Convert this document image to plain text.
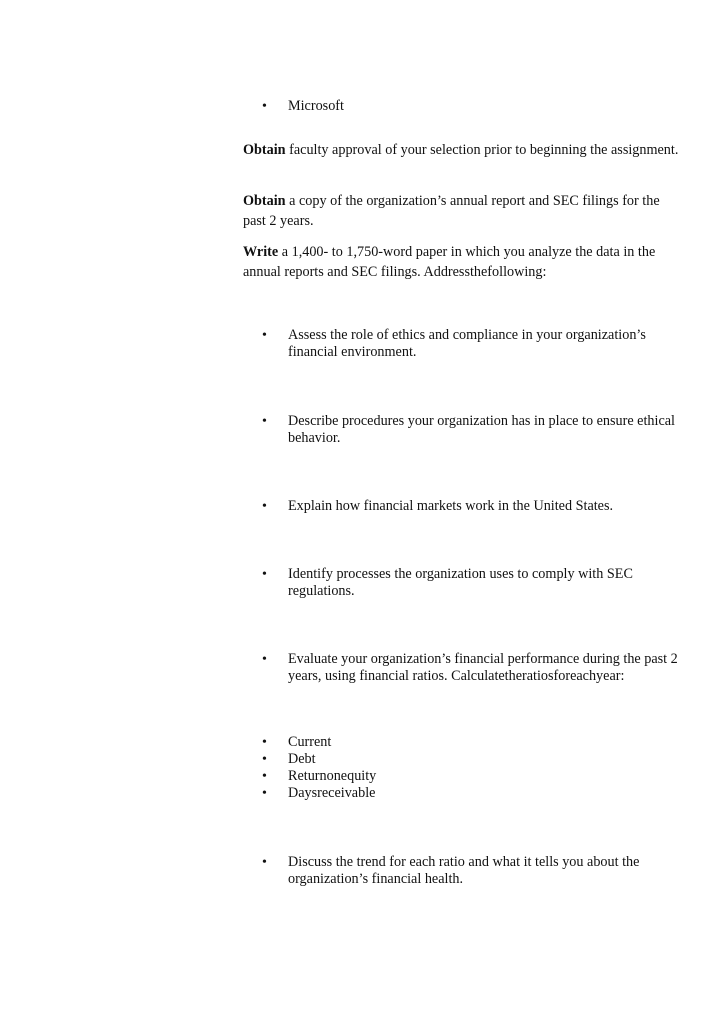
•	Microsoft

Obtain faculty approval of your selection prior to beginning the assignment.

Obtain a copy of the organization’s annual report and SEC filings for the past 2 years.

Write a 1,400- to 1,750-word paper in which you analyze the data in the annual reports and SEC filings. Addressthefollowing:

•	Assess the role of ethics and compliance in your organization’s financial environment.
•	Describe procedures your organization has in place to ensure ethical behavior.
•	Explain how financial markets work in the United States.
•	Identify processes the organization uses to comply with SEC regulations.
•	Evaluate your organization’s financial performance during the past 2 years, using financial ratios. Calculatetheratiosforeachyear:
•	Current
•	Debt
•	Returnonequity
•	Daysreceivable
•	Discuss the trend for each ratio and what it tells you about the organization’s financial health.
